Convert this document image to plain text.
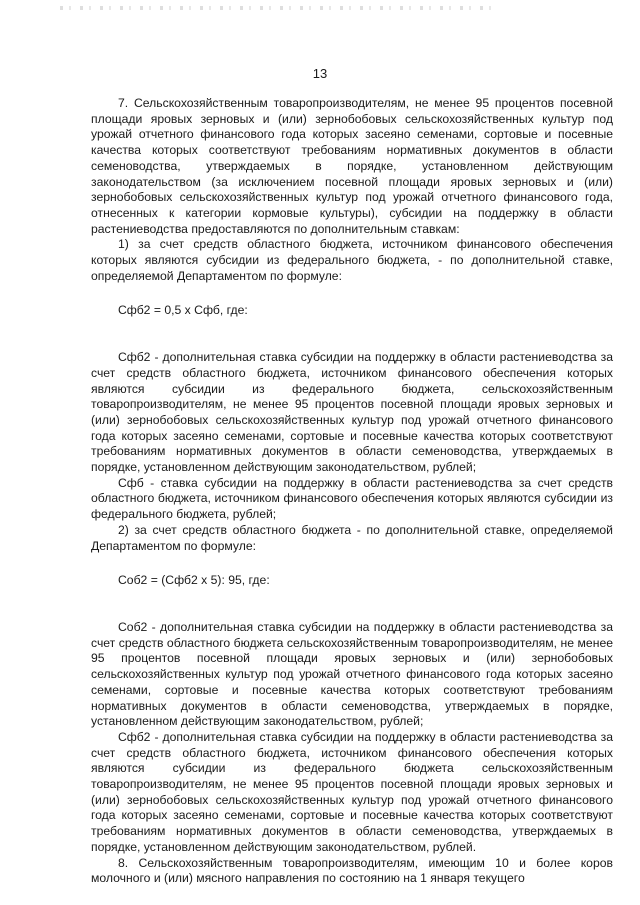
13

7. Сельскохозяйственным товаропроизводителям, не менее 95 процентов посевной площади яровых зерновых и (или) зернобобовых сельскохозяйственных культур под урожай отчетного финансового года которых засеяно семенами, сортовые и посевные качества которых соответствуют требованиям нормативных документов в области семеноводства, утверждаемых в порядке, установленном действующим законодательством (за исключением посевной площади яровых зерновых и (или) зернобобовых сельскохозяйственных культур под урожай отчетного финансового года, отнесенных к категории кормовые культуры), субсидии на поддержку в области растениеводства предоставляются по дополнительным ставкам:

1) за счет средств областного бюджета, источником финансового обеспечения которых являются субсидии из федерального бюджета, - по дополнительной ставке, определяемой Департаментом по формуле:

Сфб2 = 0,5 х Сфб, где:

Сфб2 - дополнительная ставка субсидии на поддержку в области растениеводства за счет средств областного бюджета, источником финансового обеспечения которых являются субсидии из федерального бюджета, сельскохозяйственным товаропроизводителям, не менее 95 процентов посевной площади яровых зерновых и (или) зернобобовых сельскохозяйственных культур под урожай отчетного финансового года которых засеяно семенами, сортовые и посевные качества которых соответствуют требованиям нормативных документов в области семеноводства, утверждаемых в порядке, установленном действующим законодательством, рублей;

Сфб - ставка субсидии на поддержку в области растениеводства за счет средств областного бюджета, источником финансового обеспечения которых являются субсидии из федерального бюджета, рублей;

2) за счет средств областного бюджета - по дополнительной ставке, определяемой Департаментом по формуле:

Соб2 = (Сфб2 х 5): 95, где:

Соб2 - дополнительная ставка субсидии на поддержку в области растениеводства за счет средств областного бюджета сельскохозяйственным товаропроизводителям, не менее 95 процентов посевной площади яровых зерновых и (или) зернобобовых сельскохозяйственных культур под урожай отчетного финансового года которых засеяно семенами, сортовые и посевные качества которых соответствуют требованиям нормативных документов в области семеноводства, утверждаемых в порядке, установленном действующим законодательством, рублей;

Сфб2 - дополнительная ставка субсидии на поддержку в области растениеводства за счет средств областного бюджета, источником финансового обеспечения которых являются субсидии из федерального бюджета сельскохозяйственным товаропроизводителям, не менее 95 процентов посевной площади яровых зерновых и (или) зернобобовых сельскохозяйственных культур под урожай отчетного финансового года которых засеяно семенами, сортовые и посевные качества которых соответствуют требованиям нормативных документов в области семеноводства, утверждаемых в порядке, установленном действующим законодательством, рублей.

8. Сельскохозяйственным товаропроизводителям, имеющим 10 и более коров молочного и (или) мясного направления по состоянию на 1 января текущего
